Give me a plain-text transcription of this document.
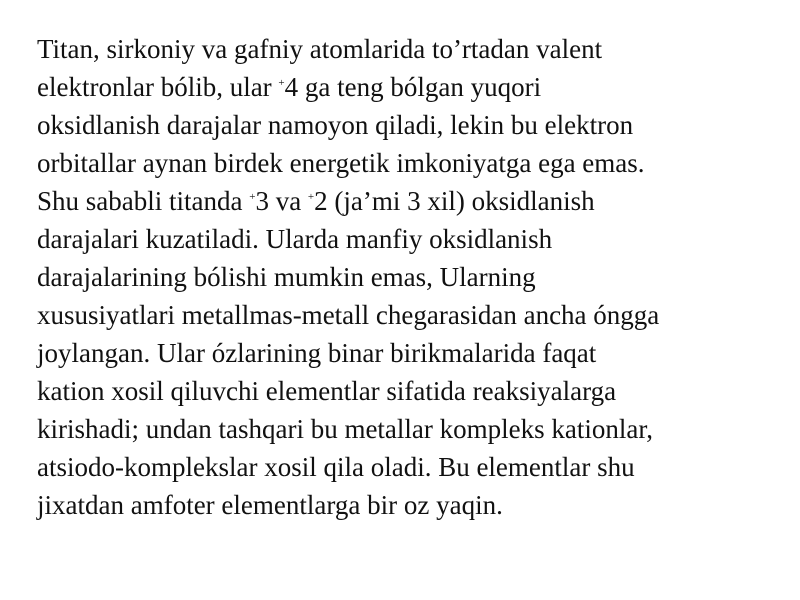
Titan, sirkoniy va gafniy atomlarida to’rtadan valent
elektronlar bólib, ular +4 ga teng bólgan yuqori
oksidlanish darajalar namoyon qiladi, lekin bu elektron
orbitallar aynan birdek energetik imkoniyatga ega emas.
Shu sababli titanda +3 va +2 (ja’mi 3 xil) oksidlanish
darajalari kuzatiladi. Ularda manfiy oksidlanish
darajalarining bólishi mumkin emas, Ularning
xususiyatlari metallmas-metall chegarasidan ancha óngga
joylangan. Ular ózlarining binar birikmalarida faqat
kation xosil qiluvchi elementlar sifatida reaksiyalarga
kirishadi; undan tashqari bu metallar kompleks kationlar,
atsiodo-komplekslar xosil qila oladi. Bu elementlar shu
jixatdan amfoter elementlarga bir oz yaqin.
